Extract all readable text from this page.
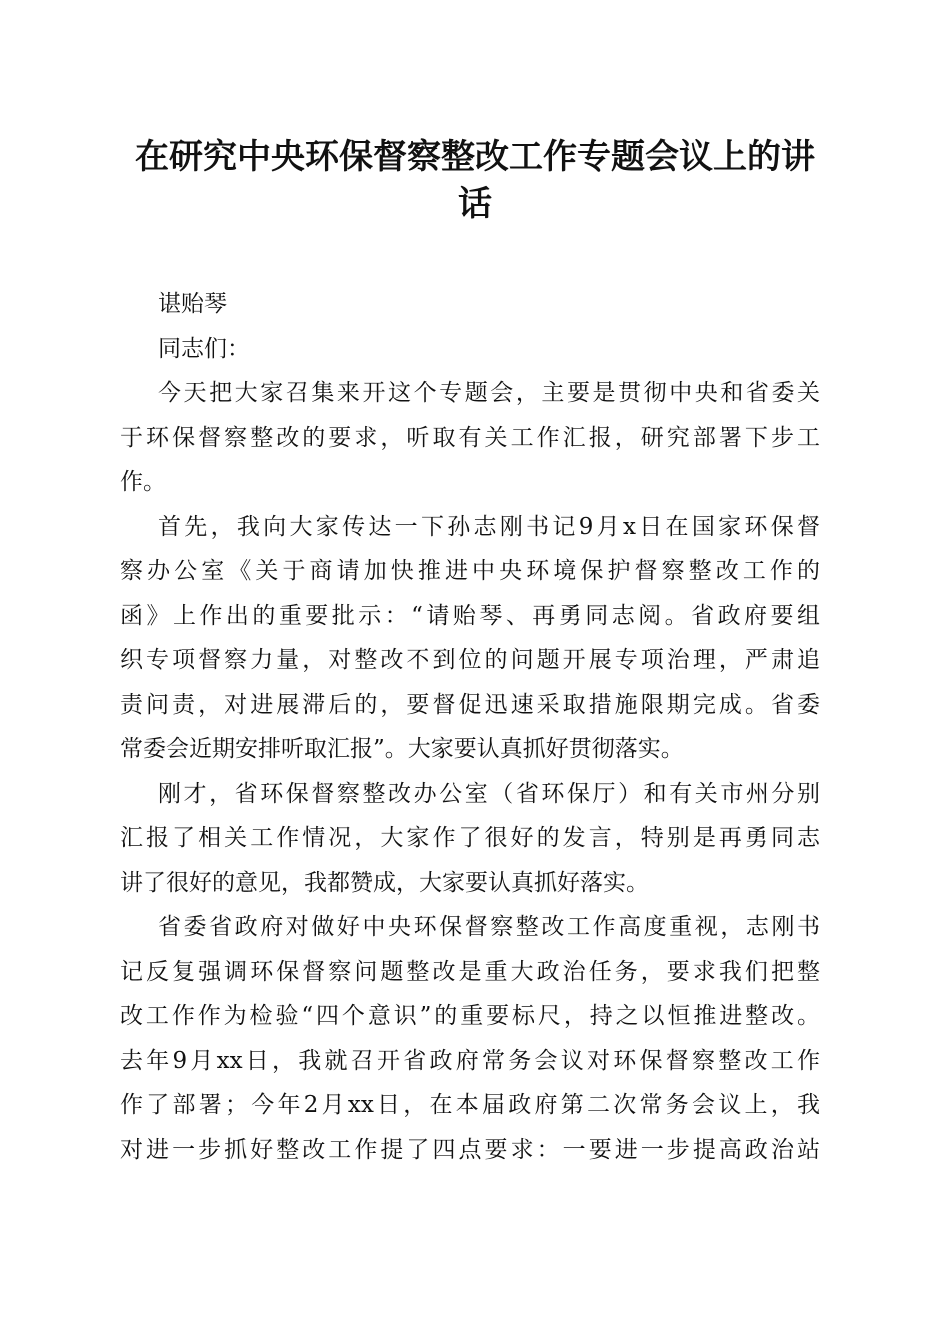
在研究中央环保督察整改工作专题会议上的讲
话
谌贻琴
同志们：
今天把大家召集来开这个专题会，主要是贯彻中央和省委关
于环保督察整改的要求，听取有关工作汇报，研究部署下步工
作。
首先，我向大家传达一下孙志刚书记9月x日在国家环保督
察办公室《关于商请加快推进中央环境保护督察整改工作的
函》上作出的重要批示：“请贻琴、再勇同志阅。省政府要组
织专项督察力量，对整改不到位的问题开展专项治理，严肃追
责问责，对进展滞后的，要督促迅速采取措施限期完成。省委
常委会近期安排听取汇报”。大家要认真抓好贯彻落实。
刚才，省环保督察整改办公室（省环保厅）和有关市州分别
汇报了相关工作情况，大家作了很好的发言，特别是再勇同志
讲了很好的意见，我都赞成，大家要认真抓好落实。
省委省政府对做好中央环保督察整改工作高度重视，志刚书
记反复强调环保督察问题整改是重大政治任务，要求我们把整
改工作作为检验“四个意识”的重要标尺，持之以恒推进整改。
去年9月xx日，我就召开省政府常务会议对环保督察整改工作
作了部署；今年2月xx日，在本届政府第二次常务会议上，我
对进一步抓好整改工作提了四点要求：一要进一步提高政治站
